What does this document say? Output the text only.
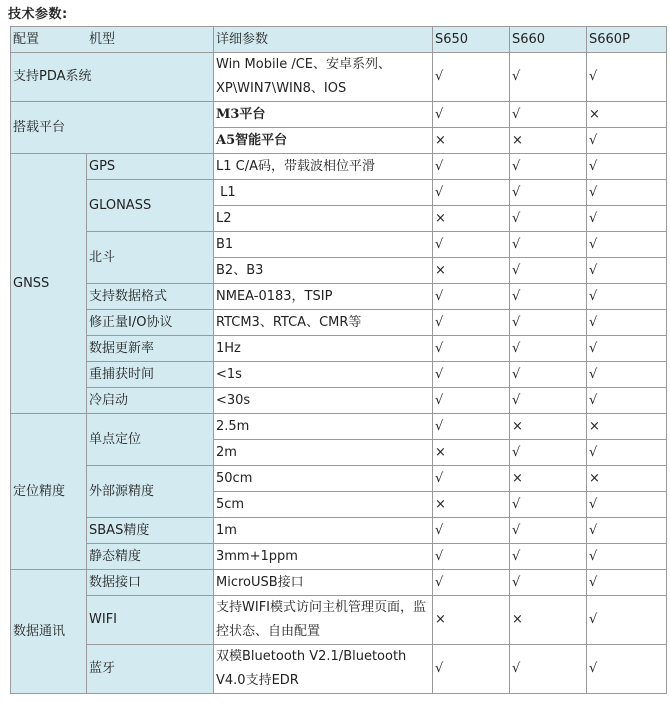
技术参数:
配置 机型		详细参数	S650	S660	S660P
支持PDA系统		Win Mobile /CE、安卓系列、XP\WIN7\WIN8、IOS	√	√	√
搭载平台		M3平台	√	√	×
		A5智能平台	×	×	√
GNSS	GPS	L1 C/A码，带载波相位平滑	√	√	√
	GLONASS	L1	√	√	√
		L2	×	√	√
	北斗	B1	√	√	√
		B2、B3	×	√	√
	支持数据格式	NMEA-0183，TSIP	√	√	√
	修正量I/O协议	RTCM3、RTCA、CMR等	√	√	√
	数据更新率	1Hz	√	√	√
	重捕获时间	<1s	√	√	√
	冷启动	<30s	√	√	√
定位精度	单点定位	2.5m	√	×	×
		2m	×	√	√
	外部源精度	50cm	√	×	×
		5cm	×	√	√
	SBAS精度	1m	√	√	√
	静态精度	3mm+1ppm	√	√	√
数据通讯	数据接口	MicroUSB接口	√	√	√
	WIFI	支持WIFI模式访问主机管理页面，监控状态、自由配置	×	×	√
	蓝牙	双模Bluetooth V2.1/Bluetooth V4.0支持EDR	√	√	√
